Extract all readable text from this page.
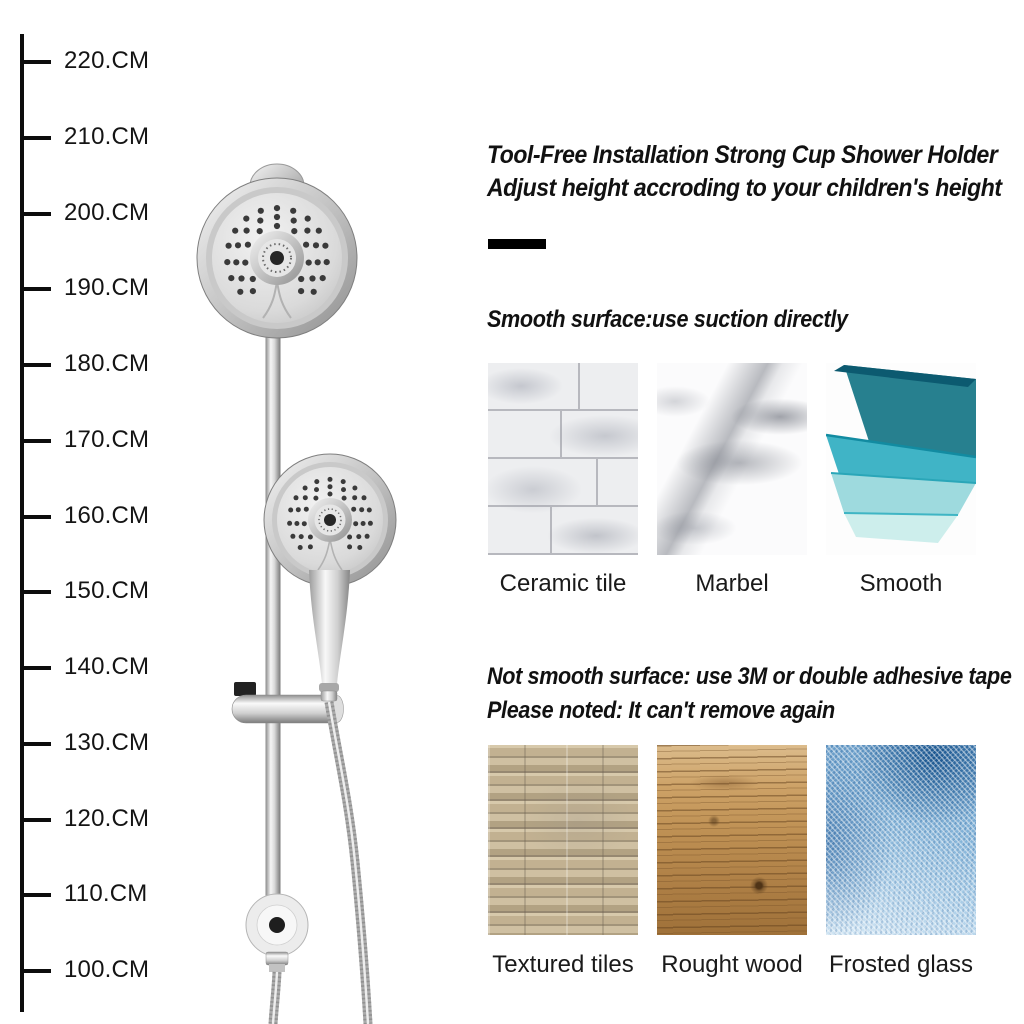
220.CM
210.CM
200.CM
190.CM
180.CM
170.CM
160.CM
150.CM
140.CM
130.CM
120.CM
110.CM
100.CM
Tool-Free Installation Strong Cup Shower Holder
Adjust height accroding to your children's height
Smooth surface:use suction directly
Ceramic tile	Marbel	Smooth
Not smooth surface: use 3M or double adhesive tape
Please noted: It can't remove again
Textured tiles Rought wood Frosted glass
